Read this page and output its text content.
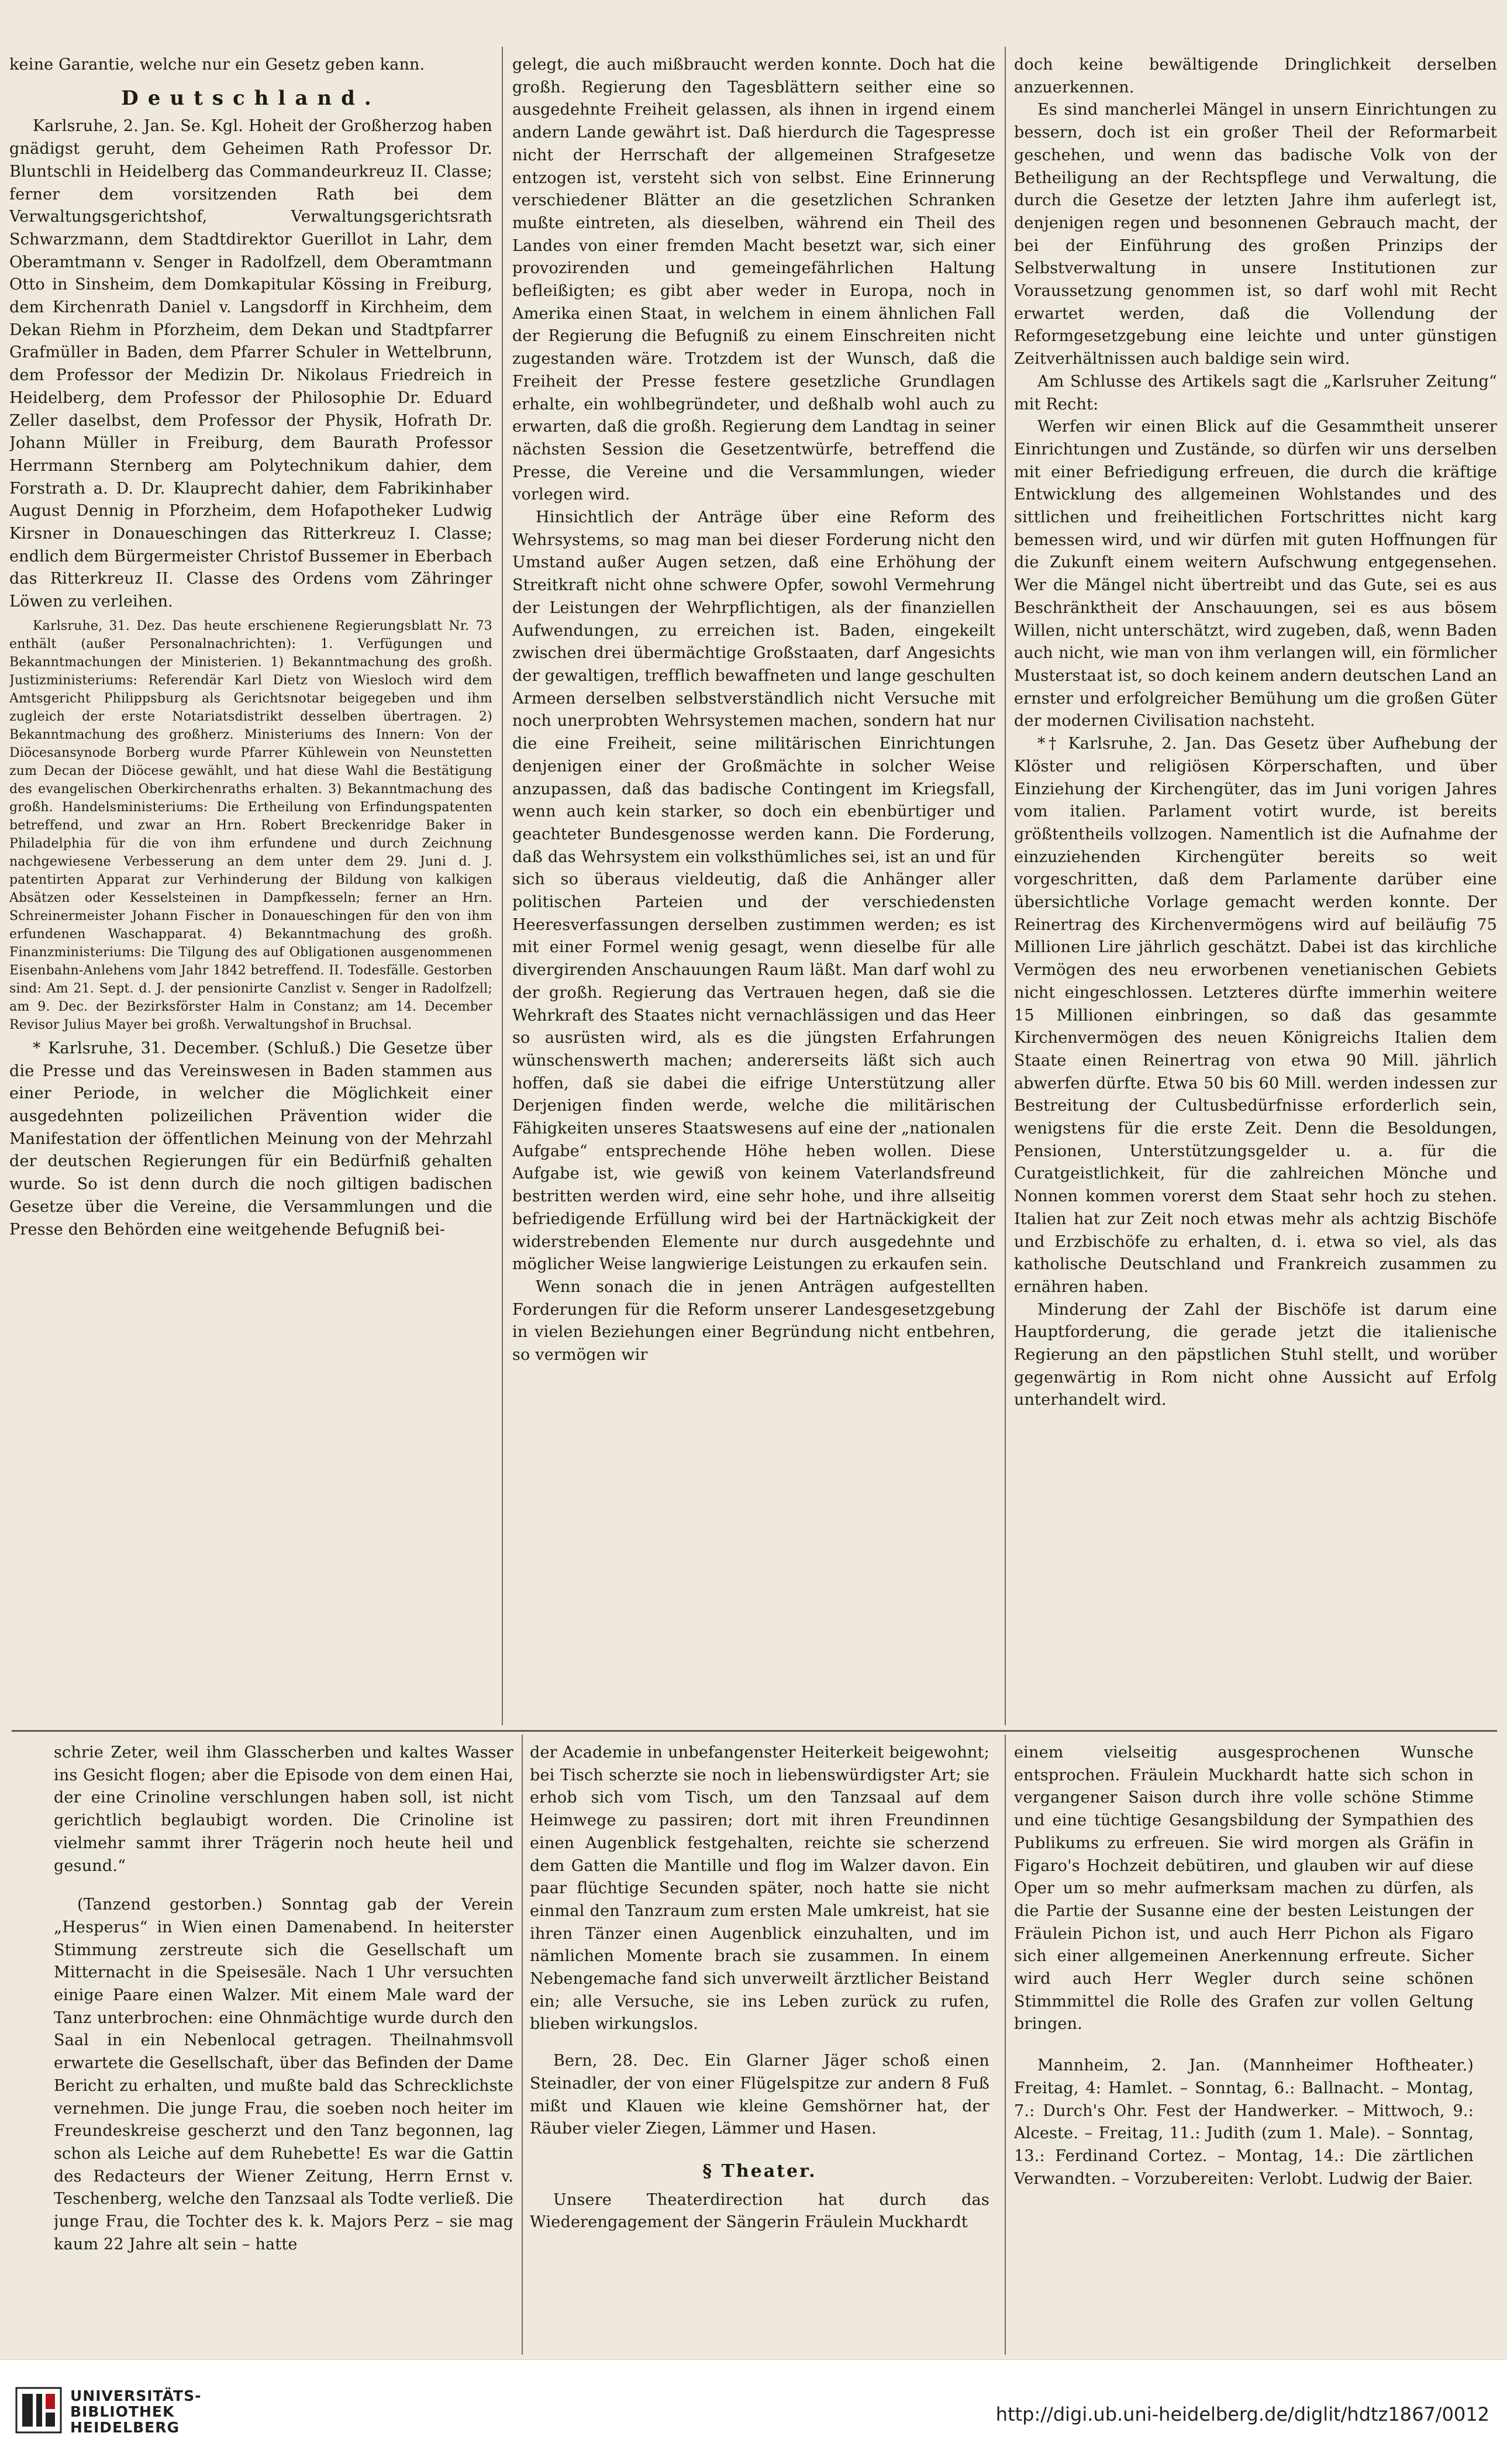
keine Garantie, welche nur ein Gesetz geben kann.

Deutschland.

Karlsruhe, 2. Jan. Se. Kgl. Hoheit der Großherzog haben gnädigst geruht, dem Geheimen Rath Professor Dr. Bluntschli in Heidelberg das Commandeurkreuz II. Classe; ferner dem vorsitzenden Rath bei dem Verwaltungsgerichtshof, Verwaltungsgerichtsrath Schwarzmann, dem Stadtdirektor Guerillot in Lahr, dem Oberamtmann v. Senger in Radolfzell, dem Oberamtmann Otto in Sinsheim, dem Domkapitular Kössing in Freiburg, dem Kirchenrath Daniel v. Langsdorff in Kirchheim, dem Dekan Riehm in Pforzheim, dem Dekan und Stadtpfarrer Grafmüller in Baden, dem Pfarrer Schuler in Wettelbrunn, dem Professor der Medizin Dr. Nikolaus Friedreich in Heidelberg, dem Professor der Philosophie Dr. Eduard Zeller daselbst, dem Professor der Physik, Hofrath Dr. Johann Müller in Freiburg, dem Baurath Professor Herrmann Sternberg am Polytechnikum dahier, dem Forstrath a. D. Dr. Klauprecht dahier, dem Fabrikinhaber August Dennig in Pforzheim, dem Hofapotheker Ludwig Kirsner in Donaueschingen das Ritterkreuz I. Classe; endlich dem Bürgermeister Christof Bussemer in Eberbach das Ritterkreuz II. Classe des Ordens vom Zähringer Löwen zu verleihen.

Karlsruhe, 31. Dez. Das heute erschienene Regierungsblatt Nr. 73 enthält (außer Personalnachrichten): 1. Verfügungen und Bekanntmachungen der Ministerien. 1) Bekanntmachung des großh. Justizministeriums: Referendär Karl Dietz von Wiesloch wird dem Amtsgericht Philippsburg als Gerichtsnotar beigegeben und ihm zugleich der erste Notariatsdistrikt desselben übertragen. 2) Bekanntmachung des großherz. Ministeriums des Innern: Von der Diöcesansynode Borberg wurde Pfarrer Kühlewein von Neunstetten zum Decan der Diöcese gewählt, und hat diese Wahl die Bestätigung des evangelischen Oberkirchenraths erhalten. 3) Bekanntmachung des großh. Handelsministeriums: Die Ertheilung von Erfindungspatenten betreffend, und zwar an Hrn. Robert Breckenridge Baker in Philadelphia für die von ihm erfundene und durch Zeichnung nachgewiesene Verbesserung an dem unter dem 29. Juni d. J. patentirten Apparat zur Verhinderung der Bildung von kalkigen Absätzen oder Kesselsteinen in Dampfkesseln; ferner an Hrn. Schreinermeister Johann Fischer in Donaueschingen für den von ihm erfundenen Waschapparat. 4) Bekanntmachung des großh. Finanzministeriums: Die Tilgung des auf Obligationen ausgenommenen Eisenbahn-Anlehens vom Jahr 1842 betreffend. II. Todesfälle. Gestorben sind: Am 21. Sept. d. J. der pensionirte Canzlist v. Senger in Radolfzell; am 9. Dec. der Bezirksförster Halm in Constanz; am 14. December Revisor Julius Mayer bei großh. Verwaltungshof in Bruchsal.

* Karlsruhe, 31. December. (Schluß.) Die Gesetze über die Presse und das Vereinswesen in Baden stammen aus einer Periode, in welcher die Möglichkeit einer ausgedehnten polizeilichen Prävention wider die Manifestation der öffentlichen Meinung von der Mehrzahl der deutschen Regierungen für ein Bedürfniß gehalten wurde. So ist denn durch die noch giltigen badischen Gesetze über die Vereine, die Versammlungen und die Presse den Behörden eine weitgehende Befugniß bei-

gelegt, die auch mißbraucht werden konnte. Doch hat die großh. Regierung den Tagesblättern seither eine so ausgedehnte Freiheit gelassen, als ihnen in irgend einem andern Lande gewährt ist. Daß hierdurch die Tagespresse nicht der Herrschaft der allgemeinen Strafgesetze entzogen ist, versteht sich von selbst. Eine Erinnerung verschiedener Blätter an die gesetzlichen Schranken mußte eintreten, als dieselben, während ein Theil des Landes von einer fremden Macht besetzt war, sich einer provozirenden und gemeingefährlichen Haltung befleißigten; es gibt aber weder in Europa, noch in Amerika einen Staat, in welchem in einem ähnlichen Fall der Regierung die Befugniß zu einem Einschreiten nicht zugestanden wäre. Trotzdem ist der Wunsch, daß die Freiheit der Presse festere gesetzliche Grundlagen erhalte, ein wohlbegründeter, und deßhalb wohl auch zu erwarten, daß die großh. Regierung dem Landtag in seiner nächsten Session die Gesetzentwürfe, betreffend die Presse, die Vereine und die Versammlungen, wieder vorlegen wird.

Hinsichtlich der Anträge über eine Reform des Wehrsystems, so mag man bei dieser Forderung nicht den Umstand außer Augen setzen, daß eine Erhöhung der Streitkraft nicht ohne schwere Opfer, sowohl Vermehrung der Leistungen der Wehrpflichtigen, als der finanziellen Aufwendungen, zu erreichen ist. Baden, eingekeilt zwischen drei übermächtige Großstaaten, darf Angesichts der gewaltigen, trefflich bewaffneten und lange geschulten Armeen derselben selbstverständlich nicht Versuche mit noch unerprobten Wehrsystemen machen, sondern hat nur die eine Freiheit, seine militärischen Einrichtungen denjenigen einer der Großmächte in solcher Weise anzupassen, daß das badische Contingent im Kriegsfall, wenn auch kein starker, so doch ein ebenbürtiger und geachteter Bundesgenosse werden kann. Die Forderung, daß das Wehrsystem ein volksthümliches sei, ist an und für sich so überaus vieldeutig, daß die Anhänger aller politischen Parteien und der verschiedensten Heeresverfassungen derselben zustimmen werden; es ist mit einer Formel wenig gesagt, wenn dieselbe für alle divergirenden Anschauungen Raum läßt. Man darf wohl zu der großh. Regierung das Vertrauen hegen, daß sie die Wehrkraft des Staates nicht vernachlässigen und das Heer so ausrüsten wird, als es die jüngsten Erfahrungen wünschenswerth machen; andererseits läßt sich auch hoffen, daß sie dabei die eifrige Unterstützung aller Derjenigen finden werde, welche die militärischen Fähigkeiten unseres Staatswesens auf eine der „nationalen Aufgabe“ entsprechende Höhe heben wollen. Diese Aufgabe ist, wie gewiß von keinem Vaterlandsfreund bestritten werden wird, eine sehr hohe, und ihre allseitig befriedigende Erfüllung wird bei der Hartnäckigkeit der widerstrebenden Elemente nur durch ausgedehnte und möglicher Weise langwierige Leistungen zu erkaufen sein.

Wenn sonach die in jenen Anträgen aufgestellten Forderungen für die Reform unserer Landesgesetzgebung in vielen Beziehungen einer Begründung nicht entbehren, so vermögen wir

doch keine bewältigende Dringlichkeit derselben anzuerkennen.

Es sind mancherlei Mängel in unsern Einrichtungen zu bessern, doch ist ein großer Theil der Reformarbeit geschehen, und wenn das badische Volk von der Betheiligung an der Rechtspflege und Verwaltung, die durch die Gesetze der letzten Jahre ihm auferlegt ist, denjenigen regen und besonnenen Gebrauch macht, der bei der Einführung des großen Prinzips der Selbstverwaltung in unsere Institutionen zur Voraussetzung genommen ist, so darf wohl mit Recht erwartet werden, daß die Vollendung der Reformgesetzgebung eine leichte und unter günstigen Zeitverhältnissen auch baldige sein wird.

Am Schlusse des Artikels sagt die „Karlsruher Zeitung“ mit Recht:

Werfen wir einen Blick auf die Gesammtheit unserer Einrichtungen und Zustände, so dürfen wir uns derselben mit einer Befriedigung erfreuen, die durch die kräftige Entwicklung des allgemeinen Wohlstandes und des sittlichen und freiheitlichen Fortschrittes nicht karg bemessen wird, und wir dürfen mit guten Hoffnungen für die Zukunft einem weitern Aufschwung entgegensehen. Wer die Mängel nicht übertreibt und das Gute, sei es aus Beschränktheit der Anschauungen, sei es aus bösem Willen, nicht unterschätzt, wird zugeben, daß, wenn Baden auch nicht, wie man von ihm verlangen will, ein förmlicher Musterstaat ist, so doch keinem andern deutschen Land an ernster und erfolgreicher Bemühung um die großen Güter der modernen Civilisation nachsteht.

*† Karlsruhe, 2. Jan. Das Gesetz über Aufhebung der Klöster und religiösen Körperschaften, und über Einziehung der Kirchengüter, das im Juni vorigen Jahres vom italien. Parlament votirt wurde, ist bereits größtentheils vollzogen. Namentlich ist die Aufnahme der einzuziehenden Kirchengüter bereits so weit vorgeschritten, daß dem Parlamente darüber eine übersichtliche Vorlage gemacht werden konnte. Der Reinertrag des Kirchenvermögens wird auf beiläufig 75 Millionen Lire jährlich geschätzt. Dabei ist das kirchliche Vermögen des neu erworbenen venetianischen Gebiets nicht eingeschlossen. Letzteres dürfte immerhin weitere 15 Millionen einbringen, so daß das gesammte Kirchenvermögen des neuen Königreichs Italien dem Staate einen Reinertrag von etwa 90 Mill. jährlich abwerfen dürfte. Etwa 50 bis 60 Mill. werden indessen zur Bestreitung der Cultusbedürfnisse erforderlich sein, wenigstens für die erste Zeit. Denn die Besoldungen, Pensionen, Unterstützungsgelder u. a. für die Curatgeistlichkeit, für die zahlreichen Mönche und Nonnen kommen vorerst dem Staat sehr hoch zu stehen. Italien hat zur Zeit noch etwas mehr als achtzig Bischöfe und Erzbischöfe zu erhalten, d. i. etwa so viel, als das katholische Deutschland und Frankreich zusammen zu ernähren haben.

Minderung der Zahl der Bischöfe ist darum eine Hauptforderung, die gerade jetzt die italienische Regierung an den päpstlichen Stuhl stellt, und worüber gegenwärtig in Rom nicht ohne Aussicht auf Erfolg unterhandelt wird.

schrie Zeter, weil ihm Glasscherben und kaltes Wasser ins Gesicht flogen; aber die Episode von dem einen Hai, der eine Crinoline verschlungen haben soll, ist nicht gerichtlich beglaubigt worden. Die Crinoline ist vielmehr sammt ihrer Trägerin noch heute heil und gesund.“

(Tanzend gestorben.) Sonntag gab der Verein „Hesperus“ in Wien einen Damenabend. In heiterster Stimmung zerstreute sich die Gesellschaft um Mitternacht in die Speisesäle. Nach 1 Uhr versuchten einige Paare einen Walzer. Mit einem Male ward der Tanz unterbrochen: eine Ohnmächtige wurde durch den Saal in ein Nebenlocal getragen. Theilnahmsvoll erwartete die Gesellschaft, über das Befinden der Dame Bericht zu erhalten, und mußte bald das Schrecklichste vernehmen. Die junge Frau, die soeben noch heiter im Freundeskreise gescherzt und den Tanz begonnen, lag schon als Leiche auf dem Ruhebette! Es war die Gattin des Redacteurs der Wiener Zeitung, Herrn Ernst v. Teschenberg, welche den Tanzsaal als Todte verließ. Die junge Frau, die Tochter des k. k. Majors Perz – sie mag kaum 22 Jahre alt sein – hatte

der Academie in unbefangenster Heiterkeit beigewohnt; bei Tisch scherzte sie noch in liebenswürdigster Art; sie erhob sich vom Tisch, um den Tanzsaal auf dem Heimwege zu passiren; dort mit ihren Freundinnen einen Augenblick festgehalten, reichte sie scherzend dem Gatten die Mantille und flog im Walzer davon. Ein paar flüchtige Secunden später, noch hatte sie nicht einmal den Tanzraum zum ersten Male umkreist, hat sie ihren Tänzer einen Augenblick einzuhalten, und im nämlichen Momente brach sie zusammen. In einem Nebengemache fand sich unverweilt ärztlicher Beistand ein; alle Versuche, sie ins Leben zurück zu rufen, blieben wirkungslos.

Bern, 28. Dec. Ein Glarner Jäger schoß einen Steinadler, der von einer Flügelspitze zur andern 8 Fuß mißt und Klauen wie kleine Gemshörner hat, der Räuber vieler Ziegen, Lämmer und Hasen.

§ Theater.

Unsere Theaterdirection hat durch das Wiederengagement der Sängerin Fräulein Muckhardt

einem vielseitig ausgesprochenen Wunsche entsprochen. Fräulein Muckhardt hatte sich schon in vergangener Saison durch ihre volle schöne Stimme und eine tüchtige Gesangsbildung der Sympathien des Publikums zu erfreuen. Sie wird morgen als Gräfin in Figaro's Hochzeit debütiren, und glauben wir auf diese Oper um so mehr aufmerksam machen zu dürfen, als die Partie der Susanne eine der besten Leistungen der Fräulein Pichon ist, und auch Herr Pichon als Figaro sich einer allgemeinen Anerkennung erfreute. Sicher wird auch Herr Wegler durch seine schönen Stimmmittel die Rolle des Grafen zur vollen Geltung bringen.

Mannheim, 2. Jan. (Mannheimer Hoftheater.) Freitag, 4: Hamlet. – Sonntag, 6.: Ballnacht. – Montag, 7.: Durch's Ohr. Fest der Handwerker. – Mittwoch, 9.: Alceste. – Freitag, 11.: Judith (zum 1. Male). – Sonntag, 13.: Ferdinand Cortez. – Montag, 14.: Die zärtlichen Verwandten. – Vorzubereiten: Verlobt. Ludwig der Baier.

UNIVERSITÄTS-
BIBLIOTHEK
HEIDELBERG
http://digi.ub.uni-heidelberg.de/diglit/hdtz1867/0012
